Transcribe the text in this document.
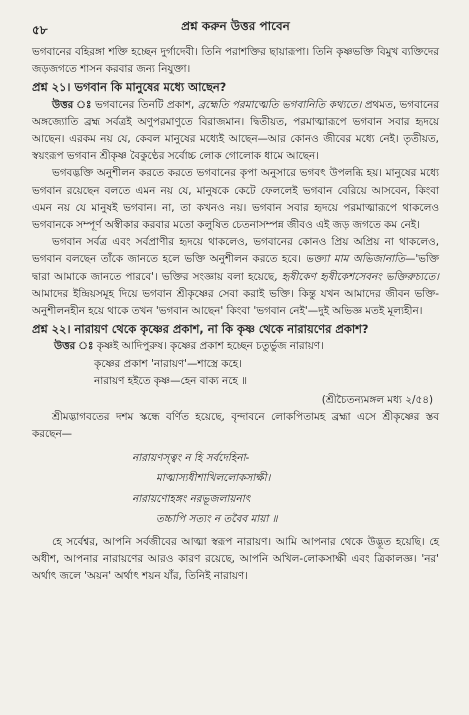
৫৮	প্রশ্ন করুন উত্তর পাবেন

ভগবানের বহিরঙ্গা শক্তি হচ্ছেন দুর্গাদেবী। তিনি পরাশক্তির ছায়ারূপা। তিনি কৃষ্ণভক্তি বিমুখ ব্যক্তিদের জড়জগতে শাসন করবার জন্য নিযুক্তা।

প্রশ্ন ২১। ভগবান কি মানুষের মধ্যে আছেন?

উত্তর ঃ ভগবানের তিনটি প্রকাশ, ব্রহ্মেতি পরমাত্মেতি ভগবানিতি কথ্যতে। প্রথমত, ভগবানের অঙ্গজ্যোতি ব্রহ্ম সর্বত্রই অণুপরমাণুতে বিরাজমান। দ্বিতীয়ত, পরমাত্মারূপে ভগবান সবার হৃদয়ে আছেন। এরকম নয় যে, কেবল মানুষের মধ্যেই আছেন—আর কোনও জীবের মধ্যে নেই। তৃতীয়ত, স্বয়ংরূপ ভগবান শ্রীকৃষ্ণ বৈকুণ্ঠের সর্বোচ্চ লোক গোলোক ধামে আছেন।

ভগবদ্ভক্তি অনুশীলন করতে করতে ভগবানের কৃপা অনুসারে ভগবৎ উপলব্ধি হয়। মানুষের মধ্যে ভগবান রয়েছেন বলতে এমন নয় যে, মানুষকে কেটে ফেললেই ভগবান বেরিয়ে আসবেন, কিংবা এমন নয় যে মানুষই ভগবান। না, তা কখনও নয়। ভগবান সবার হৃদয়ে পরমাত্মারূপে থাকলেও ভগবানকে সম্পূর্ণ অস্বীকার করবার মতো কলুষিত চেতনাসম্পন্ন জীবও এই জড় জগতে কম নেই।

ভগবান সর্বত্র এবং সর্বপ্রাণীর হৃদয়ে থাকলেও, ভগবানের কোনও প্রিয় অপ্রিয় না থাকলেও, ভগবান বলছেন তাঁকে জানতে হলে ভক্তি অনুশীলন করতে হবে। ভক্ত্যা মাম অভিজানাতি—'ভক্তি দ্বারা আমাকে জানতে পারবে'। ভক্তির সংজ্ঞায় বলা হয়েছে, হৃষীকেণ হৃষীকেশসেবনং ভক্তিরুচ্যতে। আমাদের ইন্দ্রিয়সমূহ দিয়ে ভগবান শ্রীকৃষ্ণের সেবা করাই ভক্তি। কিন্তু যখন আমাদের জীবন ভক্তি-অনুশীলনহীন হয়ে থাকে তখন 'ভগবান আছেন' কিংবা 'ভগবান নেই'—দুই অভিজ্ঞ মতই মূল্যহীন।

প্রশ্ন ২২। নারায়ণ থেকে কৃষ্ণের প্রকাশ, না কি কৃষ্ণ থেকে নারায়ণের প্রকাশ?

উত্তর ঃ কৃষ্ণই আদিপুরুষ। কৃষ্ণের প্রকাশ হচ্ছেন চতুর্ভুজ নারায়ণ।
কৃষ্ণের প্রকাশ 'নারায়ণ'—শাস্ত্রে কহে।
নারায়ণ হইতে কৃষ্ণ—হেন বাক্য নহে ॥

(শ্রীচৈতন্যমঙ্গল মধ্য ২/৫৪)

শ্রীমদ্ভাগবতের দশম স্কন্ধে বর্ণিত হয়েছে, বৃন্দাবনে লোকপিতামহ ব্রহ্মা এসে শ্রীকৃষ্ণের স্তব করছেন—

নারায়ণস্ত্বং ন হি সর্বদেহিনা-
মাত্মাস্যধীশাখিললোকসাক্ষী।
নারায়ণোহঙ্গং নরভূজলায়নাৎ
তচ্চাপি সত্যং ন তবৈব মায়া ॥

হে সর্বেশ্বর, আপনি সর্বজীবের আত্মা স্বরূপ নারায়ণ। আমি আপনার থেকে উদ্ভূত হয়েছি। হে অধীশ, আপনার নারায়ণের আরও কারণ রয়েছে, আপনি অখিল-লোকসাক্ষী এবং ত্রিকালজ্ঞ। 'নর' অর্থাৎ জলে 'অয়ন' অর্থাৎ শয়ন যাঁর, তিনিই নারায়ণ।
